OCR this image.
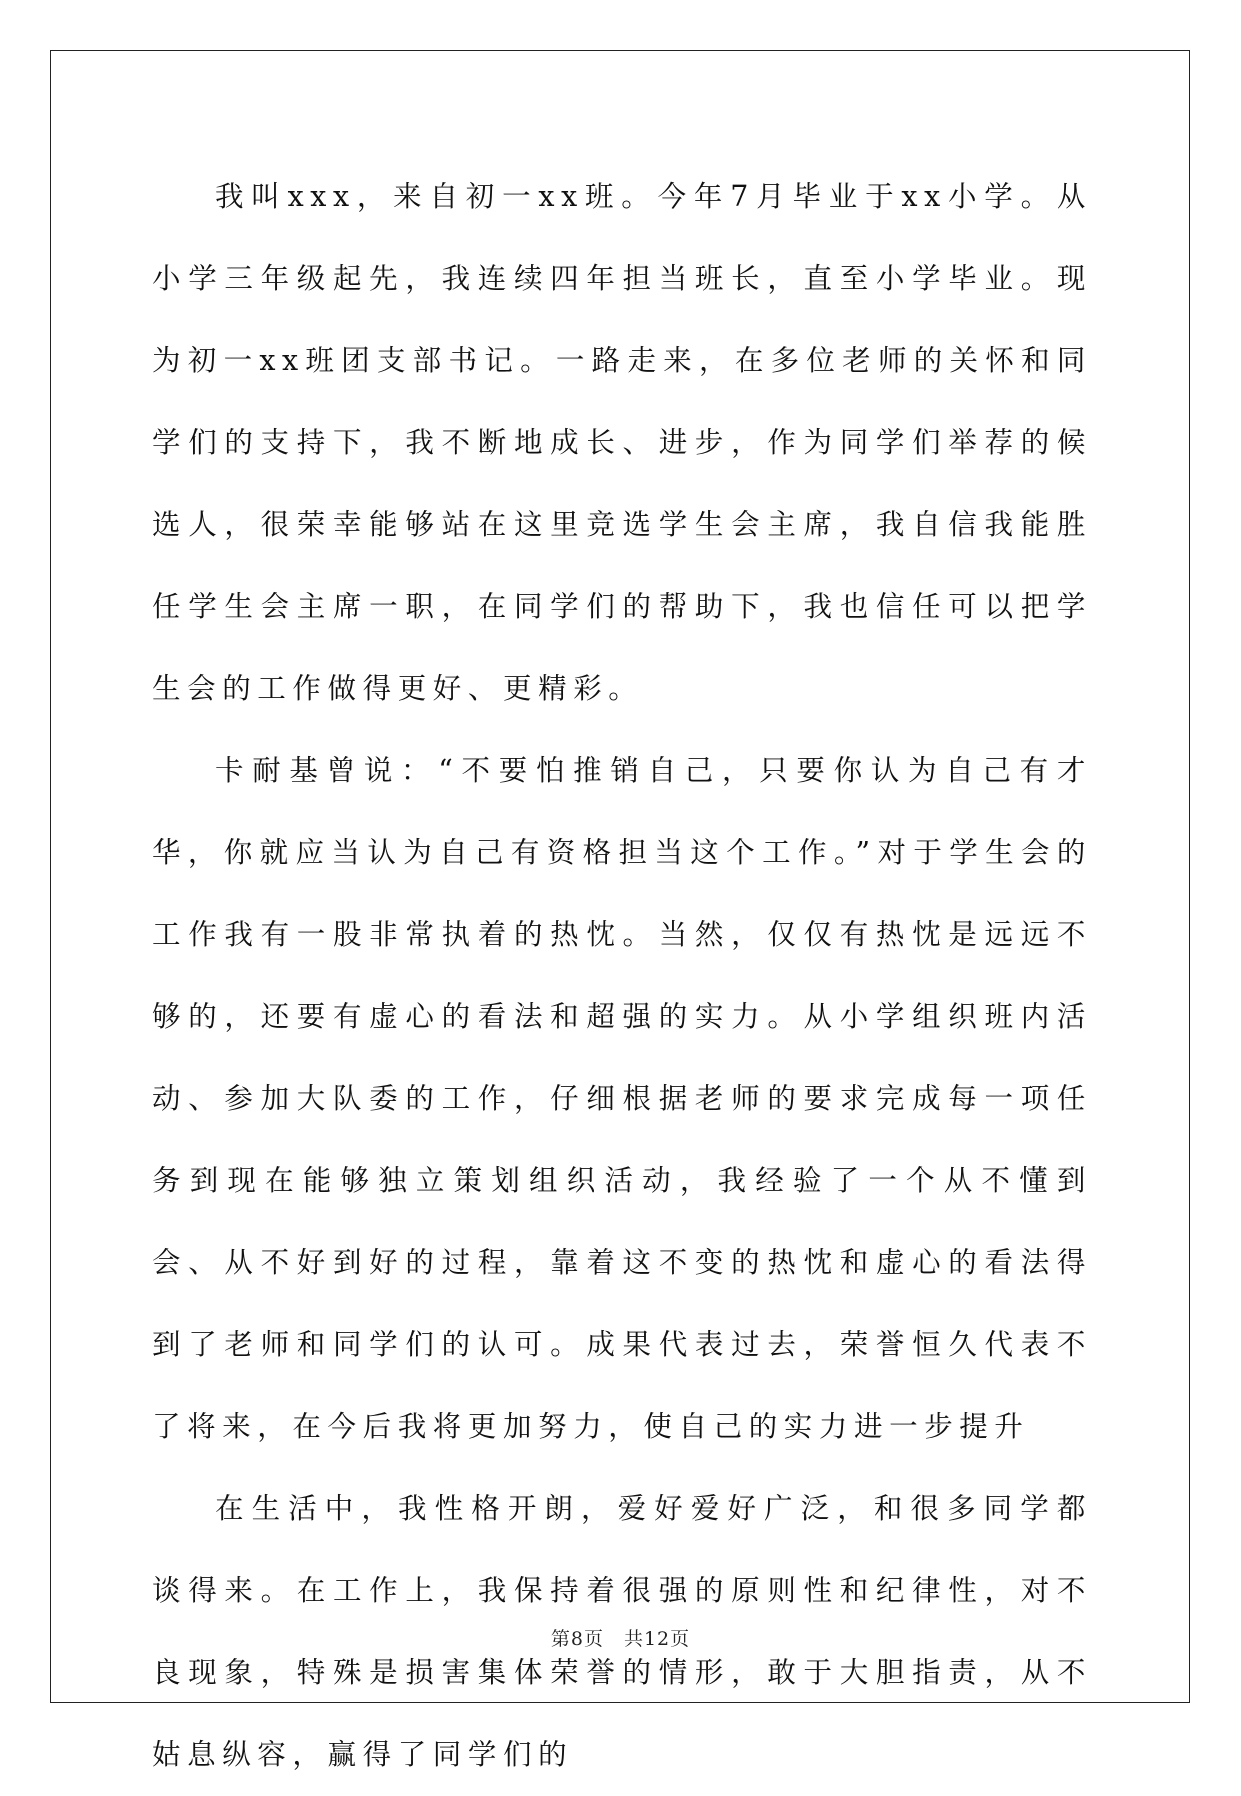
我叫xxx，来自初一xx班。今年7月毕业于xx小学。从小学三年级起先，我连续四年担当班长，直至小学毕业。现为初一xx班团支部书记。一路走来，在多位老师的关怀和同学们的支持下，我不断地成长、进步，作为同学们举荐的候选人，很荣幸能够站在这里竞选学生会主席，我自信我能胜任学生会主席一职，在同学们的帮助下，我也信任可以把学生会的工作做得更好、更精彩。

卡耐基曾说：“不要怕推销自己，只要你认为自己有才华，你就应当认为自己有资格担当这个工作。”对于学生会的工作我有一股非常执着的热忱。当然，仅仅有热忱是远远不够的，还要有虚心的看法和超强的实力。从小学组织班内活动、参加大队委的工作，仔细根据老师的要求完成每一项任务到现在能够独立策划组织活动，我经验了一个从不懂到会、从不好到好的过程，靠着这不变的热忱和虚心的看法得到了老师和同学们的认可。成果代表过去，荣誉恒久代表不了将来，在今后我将更加努力，使自己的实力进一步提升

在生活中，我性格开朗，爱好爱好广泛，和很多同学都谈得来。在工作上，我保持着很强的原则性和纪律性，对不良现象，特殊是损害集体荣誉的情形，敢于大胆指责，从不姑息纵容，赢得了同学们的

第8页 共12页
